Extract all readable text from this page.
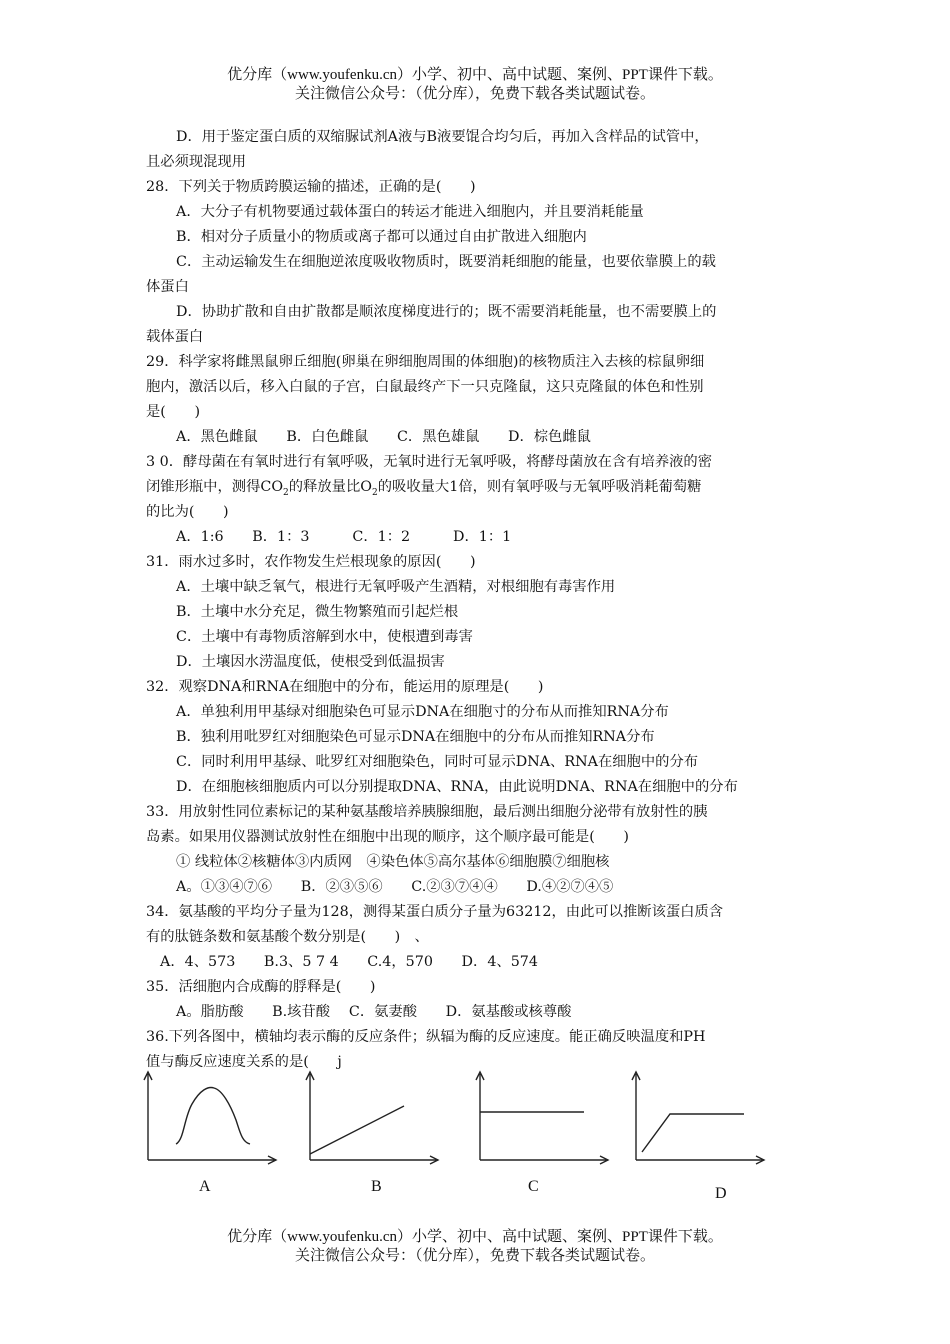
优分库（www.youfenku.cn）小学、初中、高中试题、案例、PPT课件下载。
关注微信公众号：（优分库），免费下载各类试题试卷。
D．用于鉴定蛋白质的双缩脲试剂A液与B液要馄合均匀后，再加入含样品的试管中，
且必须现混现用
28．下列关于物质跨膜运输的描述，正确的是(　　)
A．大分子有机物要通过载体蛋白的转运才能进入细胞内，并且要消耗能量
B．相对分子质量小的物质或离子都可以通过自由扩散进入细胞内
C．主动运输发生在细胞逆浓度吸收物质时，既要消耗细胞的能量，也要依靠膜上的载
体蛋白
D．协助扩散和自由扩散都是顺浓度梯度进行的；既不需要消耗能量，也不需要膜上的
载体蛋白
29．科学家将雌黑鼠卵丘细胞(卵巢在卵细胞周围的体细胞)的核物质注入去核的棕鼠卵细
胞内，激活以后，移入白鼠的子宫，白鼠最终产下一只克隆鼠，这只克隆鼠的体色和性别
是(　　)
A．黑色雌鼠　　B．白色雌鼠　　C．黑色雄鼠　　D．棕色雌鼠
3 0．酵母菌在有氧时进行有氧呼吸，无氧时进行无氧呼吸，将酵母菌放在含有培养液的密
闭锥形瓶中，测得$CO_2$的释放量比$O_2$的吸收量大1倍，则有氧呼吸与无氧呼吸消耗葡萄糖
的比为(　　)
A．1:6　　B．1：3　　　C．1：2　　　D．1：1
31．雨水过多时，农作物发生烂根现象的原因(　　)
A．土壤中缺乏氧气，根进行无氧呼吸产生酒精，对根细胞有毒害作用
B．土壤中水分充足，微生物繁殖而引起烂根
C．土壤中有毒物质溶解到水中，使根遭到毒害
D．土壤因水涝温度低，使根受到低温损害
32．观察DNA和RNA在细胞中的分布，能运用的原理是(　　)
A．单独利用甲基绿对细胞染色可显示DNA在细胞寸的分布从而推知RNA分布
B．独利用吡罗红对细胞染色可显示DNA在细胞中的分布从而推知RNA分布
C．同时利用甲基绿、吡罗红对细胞染色，同时可显示DNA、RNA在细胞中的分布
D．在细胞核细胞质内可以分别提取DNA、RNA，由此说明DNA、RNA在细胞中的分布
33．用放射性同位素标记的某种氨基酸培养胰腺细胞，最后测出细胞分泌带有放射性的胰
岛素。如果用仪器测试放射性在细胞中出现的顺序，这个顺序最可能是(　　)
① 线粒体②核糖体③内质网　④染色体⑤高尔基体⑥细胞膜⑦细胞核
A。①③④⑦⑥　　B．②③⑤⑥　　C.②③⑦④④　　D.④②⑦④⑤
34．氨基酸的平均分子量为128，测得某蛋白质分子量为63212，由此可以推断该蛋白质含
有的肽链条数和氨基酸个数分别是(　　)　、
A．4、573　　B.3、5 7 4　　C.4，570　　D．4、574
35．活细胞内合成酶的脬释是(　　)
A。脂肪酸　　B.垓苷酸　 C．氨妻酸　　D．氨基酸或核尊酸
36.下列各图中，横轴均表示酶的反应条件；纵辐为酶的反应速度。能正确反映温度和PH
值与酶反应速度关系的是(　　j
A	B	C	D
优分库（www.youfenku.cn）小学、初中、高中试题、案例、PPT课件下载。
关注微信公众号：（优分库），免费下载各类试题试卷。
